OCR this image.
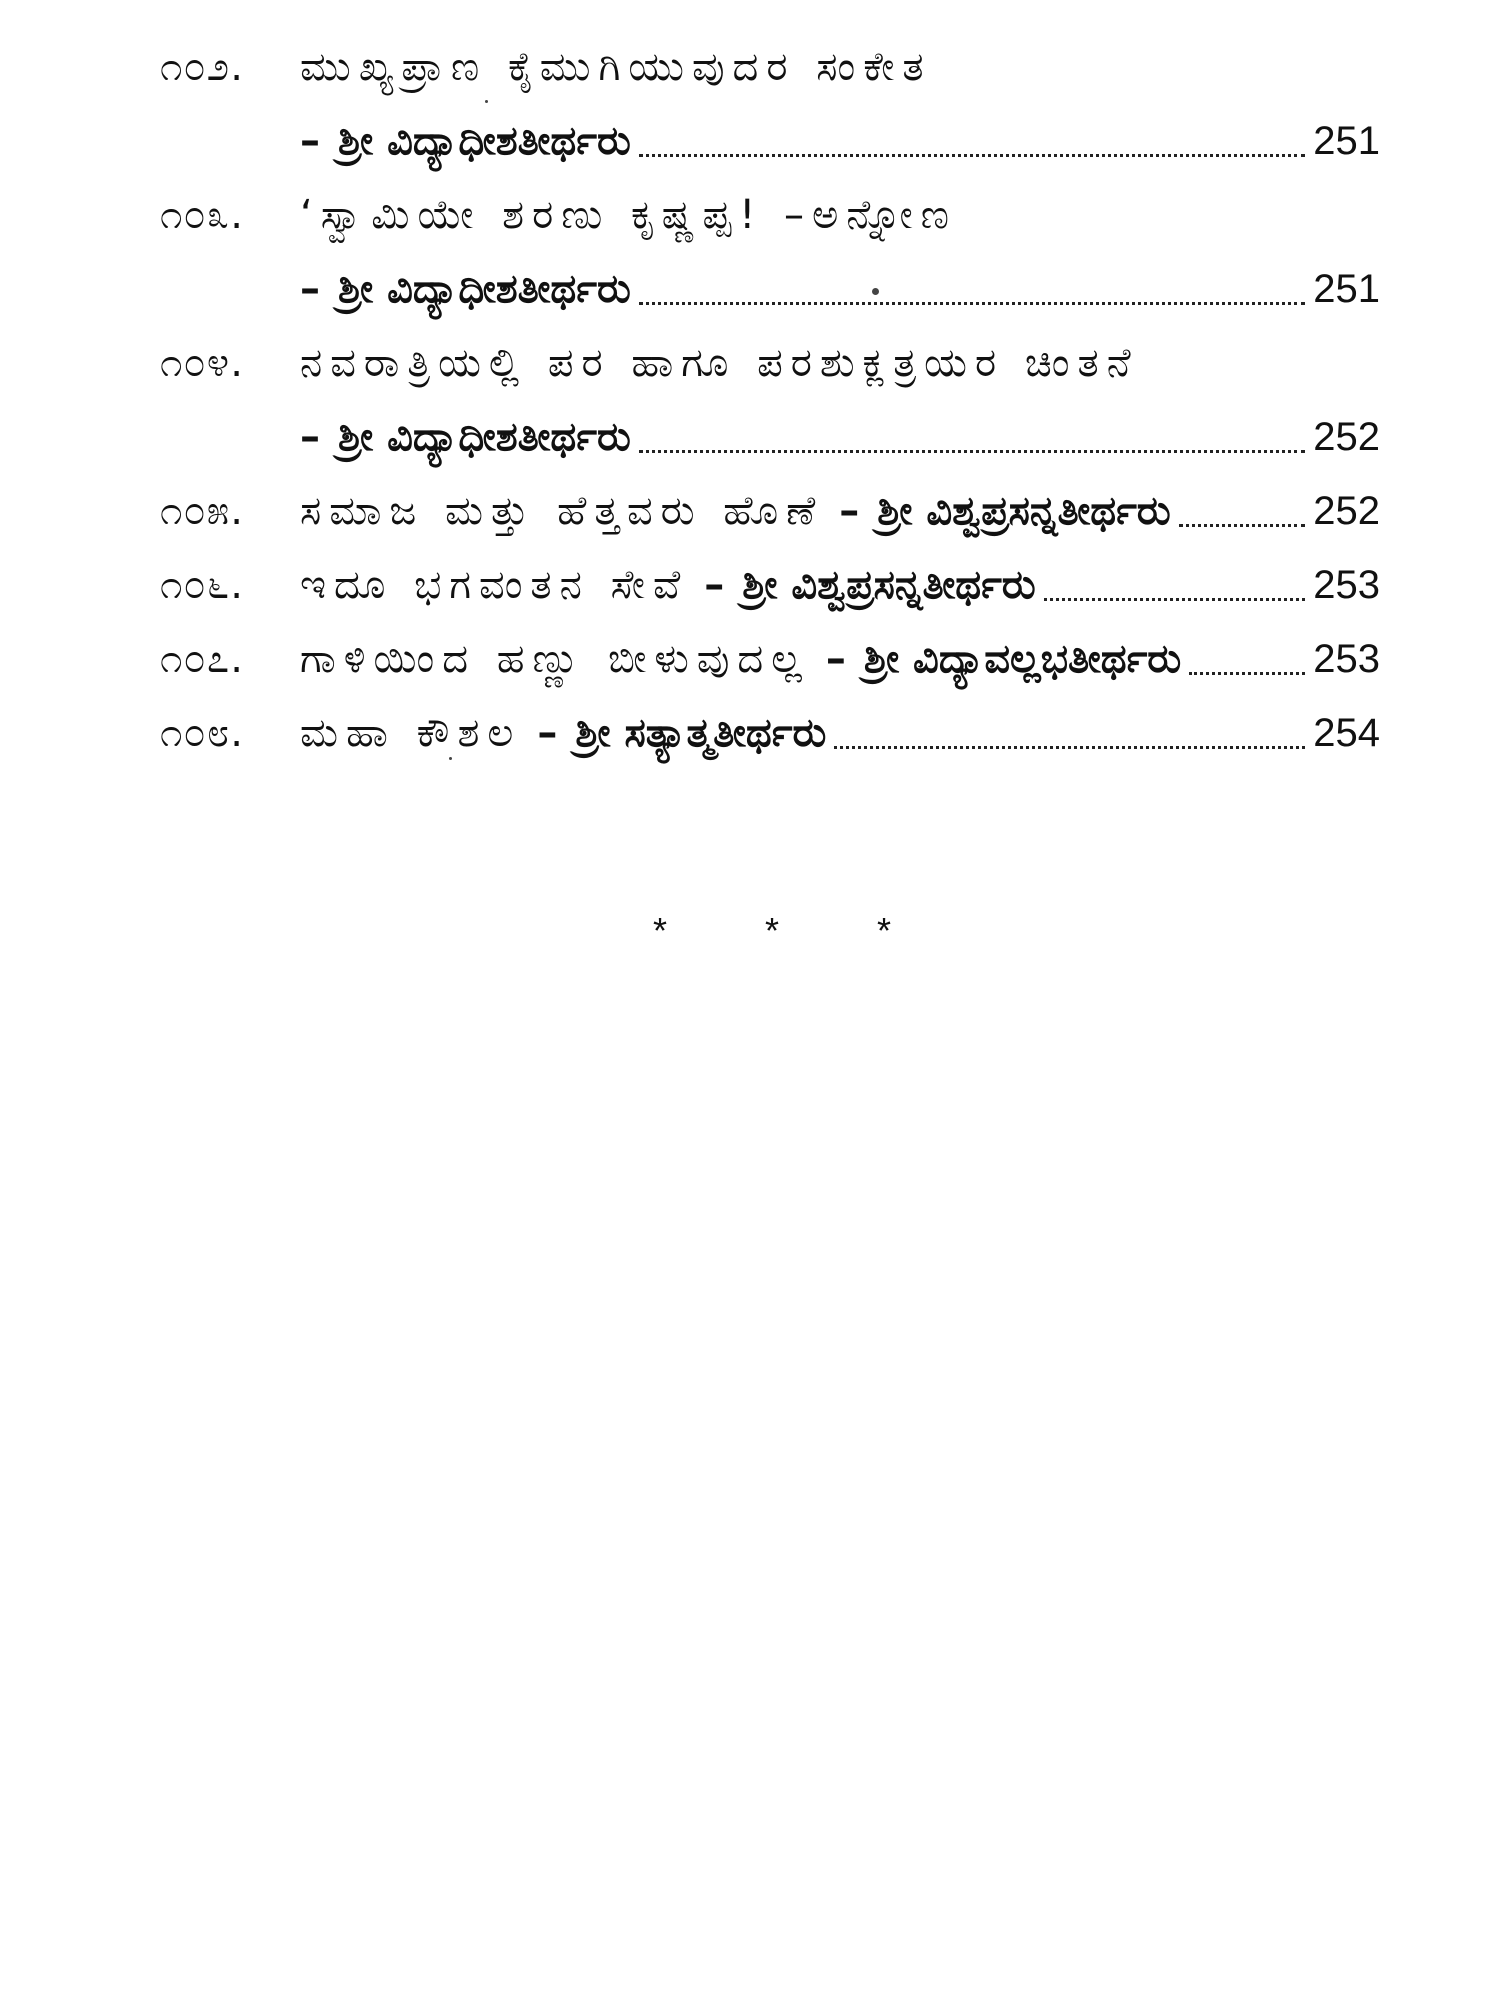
೧೦೨.	ಮುಖ್ಯಪ್ರಾಣ ಕೈಮುಗಿಯುವುದರ ಸಂಕೇತ
– ಶ್ರೀ ವಿದ್ಯಾಧೀಶತೀರ್ಥರು	251
೧೦೩.	‘ಸ್ವಾಮಿಯೇ ಶರಣು ಕೃಷ್ಣಪ್ಪ! –ಅನ್ನೋಣ
– ಶ್ರೀ ವಿದ್ಯಾಧೀಶತೀರ್ಥರು	251
೧೦೪.	ನವರಾತ್ರಿಯಲ್ಲಿ ಪರ ಹಾಗೂ ಪರಶುಕ್ಲತ್ರಯರ ಚಿಂತನೆ
– ಶ್ರೀ ವಿದ್ಯಾಧೀಶತೀರ್ಥರು	252
೧೦೫.	ಸಮಾಜ ಮತ್ತು ಹೆತ್ತವರು ಹೊಣೆ – ಶ್ರೀ ವಿಶ್ವಪ್ರಸನ್ನತೀರ್ಥರು	252
೧೦೬.	ಇದೂ ಭಗವಂತನ ಸೇವೆ – ಶ್ರೀ ವಿಶ್ವಪ್ರಸನ್ನತೀರ್ಥರು	253
೧೦೭.	ಗಾಳಿಯಿಂದ ಹಣ್ಣು ಬೀಳುವುದಲ್ಲ – ಶ್ರೀ ವಿದ್ಯಾವಲ್ಲಭತೀರ್ಥರು	253
೧೦೮.	ಮಹಾ ಕೌಶಲ – ಶ್ರೀ ಸತ್ಯಾತ್ಮತೀರ್ಥರು	254
* * *
